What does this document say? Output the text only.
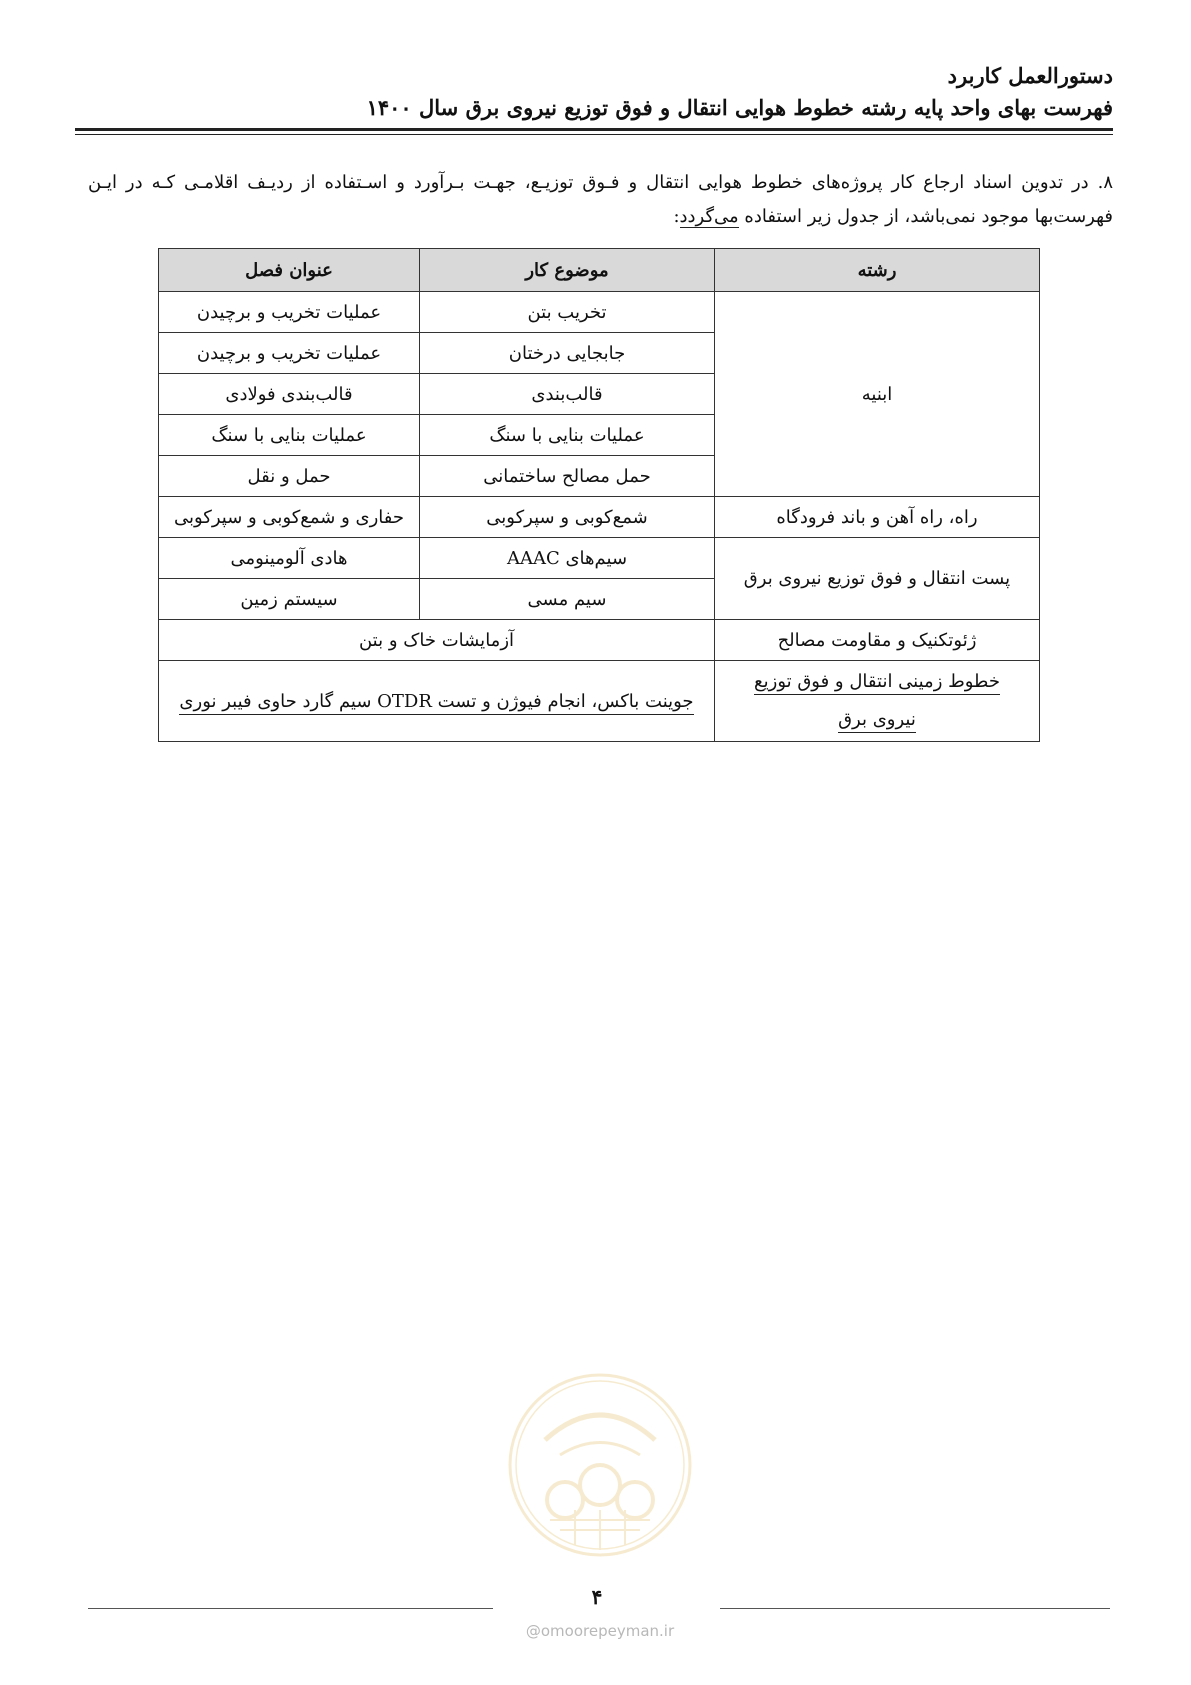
دستورالعمل کاربرد
فهرست بهای واحد پایه رشته خطوط هوایی انتقال و فوق توزیع نیروی برق سال ۱۴۰۰
۸. در تدوین اسناد ارجاع کار پروژه‌های خطوط هوایی انتقال و فـوق توزیـع، جهـت بـرآورد و اسـتفاده از ردیـف اقلامـی کـه در ایـن فهرست‌بها موجود نمی‌باشد، از جدول زیر استفاده می‌گردد:
رشته	موضوع کار	عنوان فصل
ابنیه	تخریب بتن	عملیات تخریب و برچیدن
	جابجایی درختان	عملیات تخریب و برچیدن
	قالب‌بندی	قالب‌بندی فولادی
	عملیات بنایی با سنگ	عملیات بنایی با سنگ
	حمل مصالح ساختمانی	حمل و نقل
راه، راه آهن و باند فرودگاه	شمع‌کوبی و سپرکوبی	حفاری و شمع‌کوبی و سپرکوبی
پست انتقال و فوق توزیع نیروی برق	سیم‌های AAAC	هادی آلومینومی
	سیم مسی	سیستم زمین
ژئوتکنیک و مقاومت مصالح	آزمایشات خاک و بتن	
خطوط زمینی انتقال و فوق توزیع
نیروی برق	جوینت باکس، انجام فیوژن و تست OTDR سیم گارد حاوی فیبر نوری	
۴
@omoorepeyman.ir
